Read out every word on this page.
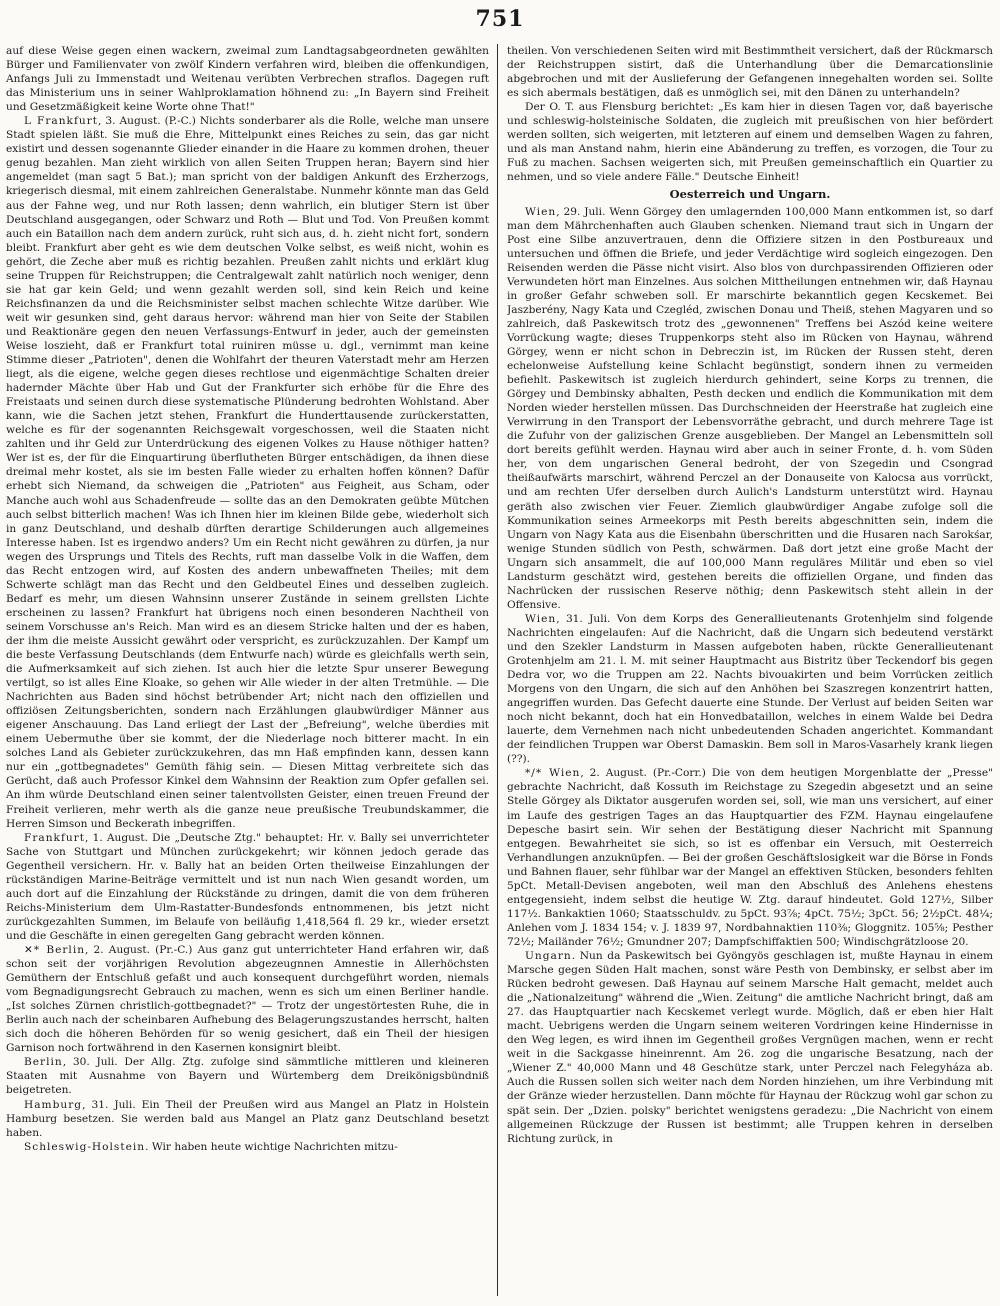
751

auf diese Weise gegen einen wackern, zweimal zum Landtagsabgeordneten gewählten Bürger und Familienvater von zwölf Kindern verfahren wird, bleiben die offenkundigen, Anfangs Juli zu Immenstadt und Weitenau verübten Verbrechen straflos. Dagegen ruft das Ministerium uns in seiner Wahlproklamation höhnend zu: „In Bayern sind Freiheit und Gesetzmäßigkeit keine Worte ohne That!"

L Frankfurt, 3. August. (P.-C.) Nichts sonderbarer als die Rolle, welche man unsere Stadt spielen läßt. Sie muß die Ehre, Mittelpunkt eines Reiches zu sein, das gar nicht existirt und dessen sogenannte Glieder einander in die Haare zu kommen drohen, theuer genug bezahlen. Man zieht wirklich von allen Seiten Truppen heran; Bayern sind hier angemeldet (man sagt 5 Bat.); man spricht von der baldigen Ankunft des Erzherzogs, kriegerisch diesmal, mit einem zahlreichen Generalstabe. Nunmehr könnte man das Geld aus der Fahne weg, und nur Roth lassen; denn wahrlich, ein blutiger Stern ist über Deutschland ausgegangen, oder Schwarz und Roth — Blut und Tod. Von Preußen kommt auch ein Bataillon nach dem andern zurück, ruht sich aus, d. h. zieht nicht fort, sondern bleibt. Frankfurt aber geht es wie dem deutschen Volke selbst, es weiß nicht, wohin es gehört, die Zeche aber muß es richtig bezahlen. Preußen zahlt nichts und erklärt klug seine Truppen für Reichstruppen; die Centralgewalt zahlt natürlich noch weniger, denn sie hat gar kein Geld; und wenn gezahlt werden soll, sind kein Reich und keine Reichsfinanzen da und die Reichsminister selbst machen schlechte Witze darüber. Wie weit wir gesunken sind, geht daraus hervor: während man hier von Seite der Stabilen und Reaktionäre gegen den neuen Verfassungs-Entwurf in jeder, auch der gemeinsten Weise loszieht, daß er Frankfurt total ruiniren müsse u. dgl., vernimmt man keine Stimme dieser „Patrioten", denen die Wohlfahrt der theuren Vaterstadt mehr am Herzen liegt, als die eigene, welche gegen dieses rechtlose und eigenmächtige Schalten dreier hadernder Mächte über Hab und Gut der Frankfurter sich erhöbe für die Ehre des Freistaats und seinen durch diese systematische Plünderung bedrohten Wohlstand. Aber kann, wie die Sachen jetzt stehen, Frankfurt die Hunderttausende zurückerstatten, welche es für der sogenannten Reichsgewalt vorgeschossen, weil die Staaten nicht zahlten und ihr Geld zur Unterdrückung des eigenen Volkes zu Hause nöthiger hatten? Wer ist es, der für die Einquartirung überflutheten Bürger entschädigen, da ihnen diese dreimal mehr kostet, als sie im besten Falle wieder zu erhalten hoffen können? Dafür erhebt sich Niemand, da schweigen die „Patrioten" aus Feigheit, aus Scham, oder Manche auch wohl aus Schadenfreude — sollte das an den Demokraten geübte Mütchen auch selbst bitterlich machen! Was ich Ihnen hier im kleinen Bilde gebe, wiederholt sich in ganz Deutschland, und deshalb dürften derartige Schilderungen auch allgemeines Interesse haben. Ist es irgendwo anders? Um ein Recht nicht gewähren zu dürfen, ja nur wegen des Ursprungs und Titels des Rechts, ruft man dasselbe Volk in die Waffen, dem das Recht entzogen wird, auf Kosten des andern unbewaffneten Theiles; mit dem Schwerte schlägt man das Recht und den Geldbeutel Eines und desselben zugleich. Bedarf es mehr, um diesen Wahnsinn unserer Zustände in seinem grellsten Lichte erscheinen zu lassen? Frankfurt hat übrigens noch einen besonderen Nachtheil von seinem Vorschusse an's Reich. Man wird es an diesem Stricke halten und der es haben, der ihm die meiste Aussicht gewährt oder verspricht, es zurückzuzahlen. Der Kampf um die beste Verfassung Deutschlands (dem Entwurfe nach) würde es gleichfalls werth sein, die Aufmerksamkeit auf sich ziehen. Ist auch hier die letzte Spur unserer Bewegung vertilgt, so ist alles Eine Kloake, so gehen wir Alle wieder in der alten Tretmühle. — Die Nachrichten aus Baden sind höchst betrübender Art; nicht nach den offiziellen und offiziösen Zeitungsberichten, sondern nach Erzählungen glaubwürdiger Männer aus eigener Anschauung. Das Land erliegt der Last der „Befreiung", welche überdies mit einem Uebermuthe über sie kommt, der die Niederlage noch bitterer macht. In ein solches Land als Gebieter zurückzukehren, das mn Haß empfinden kann, dessen kann nur ein „gottbegnadetes" Gemüth fähig sein. — Diesen Mittag verbreitete sich das Gerücht, daß auch Professor Kinkel dem Wahnsinn der Reaktion zum Opfer gefallen sei. An ihm würde Deutschland einen seiner talentvollsten Geister, einen treuen Freund der Freiheit verlieren, mehr werth als die ganze neue preußische Treubundskammer, die Herren Simson und Beckerath inbegriffen.

Frankfurt, 1. August. Die „Deutsche Ztg." behauptet: Hr. v. Bally sei unverrichteter Sache von Stuttgart und München zurückgekehrt; wir können jedoch gerade das Gegentheil versichern. Hr. v. Bally hat an beiden Orten theilweise Einzahlungen der rückständigen Marine-Beiträge vermittelt und ist nun nach Wien gesandt worden, um auch dort auf die Einzahlung der Rückstände zu dringen, damit die von dem früheren Reichs-Ministerium dem Ulm-Rastatter-Bundesfonds entnommenen, bis jetzt nicht zurückgezahlten Summen, im Belaufe von beiläufig 1,418,564 fl. 29 kr., wieder ersetzt und die Geschäfte in einen geregelten Gang gebracht werden können.

✕* Berlin, 2. August. (Pr.-C.) Aus ganz gut unterrichteter Hand erfahren wir, daß schon seit der vorjährigen Revolution abgezeugnnen Amnestie in Allerhöchsten Gemüthern der Entschluß gefaßt und auch konsequent durchgeführt worden, niemals vom Begnadigungsrecht Gebrauch zu machen, wenn es sich um einen Berliner handle. „Ist solches Zürnen christlich-gottbegnadet?" — Trotz der ungestörtesten Ruhe, die in Berlin auch nach der scheinbaren Aufhebung des Belagerungszustandes herrscht, halten sich doch die höheren Behörden für so wenig gesichert, daß ein Theil der hiesigen Garnison noch fortwährend in den Kasernen konsignirt bleibt.

Berlin, 30. Juli. Der Allg. Ztg. zufolge sind sämmtliche mittleren und kleineren Staaten mit Ausnahme von Bayern und Würtemberg dem Dreikönigsbündniß beigetreten.

Hamburg, 31. Juli. Ein Theil der Preußen wird aus Mangel an Platz in Holstein Hamburg besetzen. Sie werden bald aus Mangel an Platz ganz Deutschland besetzt haben.

Schleswig-Holstein. Wir haben heute wichtige Nachrichten mitzu-

theilen. Von verschiedenen Seiten wird mit Bestimmtheit versichert, daß der Rückmarsch der Reichstruppen sistirt, daß die Unterhandlung über die Demarcationslinie abgebrochen und mit der Auslieferung der Gefangenen innegehalten worden sei. Sollte es sich abermals bestätigen, daß es unmöglich sei, mit den Dänen zu unterhandeln?

Der O. T. aus Flensburg berichtet: „Es kam hier in diesen Tagen vor, daß bayerische und schleswig-holsteinische Soldaten, die zugleich mit preußischen von hier befördert werden sollten, sich weigerten, mit letzteren auf einem und demselben Wagen zu fahren, und als man Anstand nahm, hierin eine Abänderung zu treffen, es vorzogen, die Tour zu Fuß zu machen. Sachsen weigerten sich, mit Preußen gemeinschaftlich ein Quartier zu nehmen, und so viele andere Fälle." Deutsche Einheit!

Oesterreich und Ungarn.

Wien, 29. Juli. Wenn Görgey den umlagernden 100,000 Mann entkommen ist, so darf man dem Mährchenhaften auch Glauben schenken. Niemand traut sich in Ungarn der Post eine Silbe anzuvertrauen, denn die Offiziere sitzen in den Postbureaux und untersuchen und öffnen die Briefe, und jeder Verdächtige wird sogleich eingezogen. Den Reisenden werden die Pässe nicht visirt. Also blos von durchpassirenden Offizieren oder Verwundeten hört man Einzelnes. Aus solchen Mittheilungen entnehmen wir, daß Haynau in großer Gefahr schweben soll. Er marschirte bekanntlich gegen Kecskemet. Bei Jaszberény, Nagy Kata und Czegléd, zwischen Donau und Theiß, stehen Magyaren und so zahlreich, daß Paskewitsch trotz des „gewonnenen" Treffens bei Aszód keine weitere Vorrückung wagte; dieses Truppenkorps steht also im Rücken von Haynau, während Görgey, wenn er nicht schon in Debreczin ist, im Rücken der Russen steht, deren echelonweise Aufstellung keine Schlacht begünstigt, sondern ihnen zu vermeiden befiehlt. Paskewitsch ist zugleich hierdurch gehindert, seine Korps zu trennen, die Görgey und Dembinsky abhalten, Pesth decken und endlich die Kommunikation mit dem Norden wieder herstellen müssen. Das Durchschneiden der Heerstraße hat zugleich eine Verwirrung in den Transport der Lebensvorräthe gebracht, und durch mehrere Tage ist die Zufuhr von der galizischen Grenze ausgeblieben. Der Mangel an Lebensmitteln soll dort bereits gefühlt werden. Haynau wird aber auch in seiner Fronte, d. h. vom Süden her, von dem ungarischen General bedroht, der von Szegedin und Csongrad theißaufwärts marschirt, während Perczel an der Donauseite von Kalocsa aus vorrückt, und am rechten Ufer derselben durch Aulich's Landsturm unterstützt wird. Haynau geräth also zwischen vier Feuer. Ziemlich glaubwürdiger Angabe zufolge soll die Kommunikation seines Armeekorps mit Pesth bereits abgeschnitten sein, indem die Ungarn von Nagy Kata aus die Eisenbahn überschritten und die Husaren nach Sarokśar, wenige Stunden südlich von Pesth, schwärmen. Daß dort jetzt eine große Macht der Ungarn sich ansammelt, die auf 100,000 Mann reguläres Militär und eben so viel Landsturm geschätzt wird, gestehen bereits die offiziellen Organe, und finden das Nachrücken der russischen Reserve nöthig; denn Paskewitsch steht allein in der Offensive.

Wien, 31. Juli. Von dem Korps des Generallieutenants Grotenhjelm sind folgende Nachrichten eingelaufen: Auf die Nachricht, daß die Ungarn sich bedeutend verstärkt und den Szekler Landsturm in Massen aufgeboten haben, rückte Generallieutenant Grotenhjelm am 21. l. M. mit seiner Hauptmacht aus Bistritz über Teckendorf bis gegen Dedra vor, wo die Truppen am 22. Nachts bivouakirten und beim Vorrücken zeitlich Morgens von den Ungarn, die sich auf den Anhöhen bei Szaszregen konzentrirt hatten, angegriffen wurden. Das Gefecht dauerte eine Stunde. Der Verlust auf beiden Seiten war noch nicht bekannt, doch hat ein Honvedbataillon, welches in einem Walde bei Dedra lauerte, dem Vernehmen nach nicht unbedeutenden Schaden angerichtet. Kommandant der feindlichen Truppen war Oberst Damaskin. Bem soll in Maros-Vasarhely krank liegen (??).

*/* Wien, 2. August. (Pr.-Corr.) Die von dem heutigen Morgenblatte der „Presse" gebrachte Nachricht, daß Kossuth im Reichstage zu Szegedin abgesetzt und an seine Stelle Görgey als Diktator ausgerufen worden sei, soll, wie man uns versichert, auf einer im Laufe des gestrigen Tages an das Hauptquartier des FZM. Haynau eingelaufene Depesche basirt sein. Wir sehen der Bestätigung dieser Nachricht mit Spannung entgegen. Bewahrheitet sie sich, so ist es offenbar ein Versuch, mit Oesterreich Verhandlungen anzuknüpfen. — Bei der großen Geschäftslosigkeit war die Börse in Fonds und Bahnen flauer, sehr fühlbar war der Mangel an effektiven Stücken, besonders fehlten 5pCt. Metall-Devisen angeboten, weil man den Abschluß des Anlehens ehestens entgegensieht, indem selbst die heutige W. Ztg. darauf hindeutet. Gold 127½, Silber 117½. Bankaktien 1060; Staatsschuldv. zu 5pCt. 93⅞; 4pCt. 75½; 3pCt. 56; 2½pCt. 48¼; Anlehen vom J. 1834 154; v. J. 1839 97, Nordbahnaktien 110⅜; Gloggnitz. 105⅝; Pesther 72½; Mailänder 76½; Gmundner 207; Dampfschiffaktien 500; Windischgrätzloose 20.

Ungarn. Nun da Paskewitsch bei Gyöngyös geschlagen ist, mußte Haynau in einem Marsche gegen Süden Halt machen, sonst wäre Pesth von Dembinsky, er selbst aber im Rücken bedroht gewesen. Daß Haynau auf seinem Marsche Halt gemacht, meldet auch die „Nationalzeitung" während die „Wien. Zeitung" die amtliche Nachricht bringt, daß am 27. das Hauptquartier nach Kecskemet verlegt wurde. Möglich, daß er eben hier Halt macht. Uebrigens werden die Ungarn seinem weiteren Vordringen keine Hindernisse in den Weg legen, es wird ihnen im Gegentheil großes Vergnügen machen, wenn er recht weit in die Sackgasse hineinrennt. Am 26. zog die ungarische Besatzung, nach der „Wiener Z." 40,000 Mann und 48 Geschütze stark, unter Perczel nach Felegyháza ab. Auch die Russen sollen sich weiter nach dem Norden hinziehen, um ihre Verbindung mit der Gränze wieder herzustellen. Dann möchte für Haynau der Rückzug wohl gar schon zu spät sein. Der „Dzien. polsky" berichtet wenigstens geradezu: „Die Nachricht von einem allgemeinen Rückzuge der Russen ist bestimmt; alle Truppen kehren in derselben Richtung zurück, in
